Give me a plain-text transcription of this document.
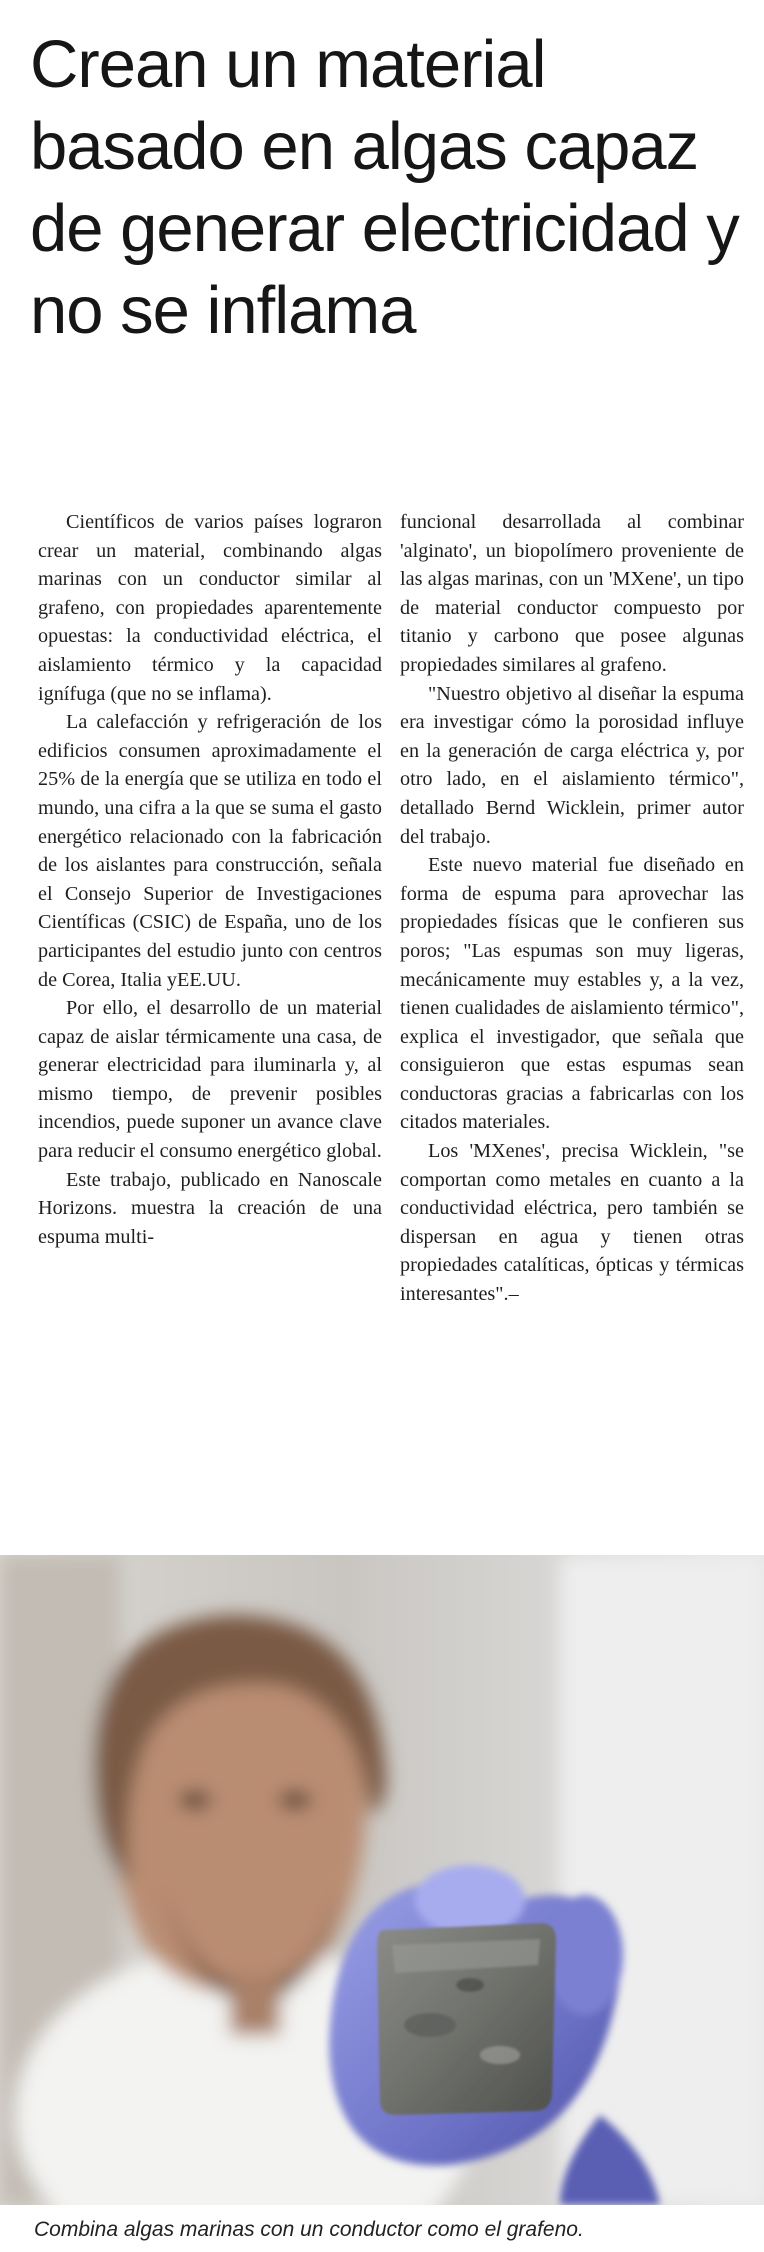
Crean un material basado en algas capaz de generar electricidad y no se inflama

Científicos de varios países lograron crear un material, combinando algas marinas con un conductor similar al grafeno, con propiedades aparentemente opuestas: la conductividad eléctrica, el aislamiento térmico y la capacidad ignífuga (que no se inflama).

La calefacción y refrigeración de los edificios consumen aproximadamente el 25% de la energía que se utiliza en todo el mundo, una cifra a la que se suma el gasto energético relacionado con la fabricación de los aislantes para construcción, señala el Consejo Superior de Investigaciones Científicas (CSIC) de España, uno de los participantes del estudio junto con centros de Corea, Italia yEE.UU.

Por ello, el desarrollo de un material capaz de aislar térmicamente una casa, de generar electricidad para iluminarla y, al mismo tiempo, de prevenir posibles incendios, puede suponer un avance clave para reducir el consumo energético global.

Este trabajo, publicado en Nanoscale Horizons. muestra la creación de una espuma multi-

funcional desarrollada al combinar 'alginato', un biopolímero proveniente de las algas marinas, con un 'MXene', un tipo de material conductor compuesto por titanio y carbono que posee algunas propiedades similares al grafeno.

"Nuestro objetivo al diseñar la espuma era investigar cómo la porosidad influye en la generación de carga eléctrica y, por otro lado, en el aislamiento térmico", detallado Bernd Wicklein, primer autor del trabajo.

Este nuevo material fue diseñado en forma de espuma para aprovechar las propiedades físicas que le confieren sus poros; "Las espumas son muy ligeras, mecánicamente muy estables y, a la vez, tienen cualidades de aislamiento térmico", explica el investigador, que señala que consiguieron que estas espumas sean conductoras gracias a fabricarlas con los citados materiales.

Los 'MXenes', precisa Wicklein, "se comportan como metales en cuanto a la conductividad eléctrica, pero también se dispersan en agua y tienen otras propiedades catalíticas, ópticas y térmicas interesantes".–

Combina algas marinas con un conductor como el grafeno.
